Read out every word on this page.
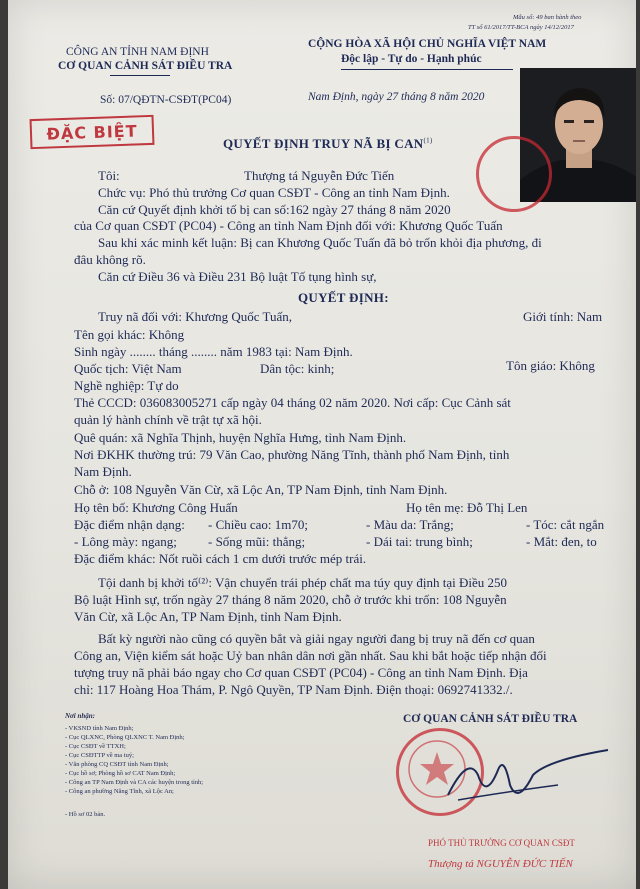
Mẫu số: 49 ban hành theo
TT số 61/2017/TT-BCA ngày 14/12/2017
CÔNG AN TỈNH NAM ĐỊNH
CƠ QUAN CẢNH SÁT ĐIỀU TRA
Số: 07/QĐTN-CSĐT(PC04)
CỘNG HÒA XÃ HỘI CHỦ NGHĨA VIỆT NAM
Độc lập - Tự do - Hạnh phúc
Nam Định, ngày 27 tháng 8 năm 2020
ĐẶC BIỆT
QUYẾT ĐỊNH TRUY NÃ BỊ CAN$^{(1)}$
Tôi:	Thượng tá Nguyễn Đức Tiến
Chức vụ: Phó thủ trưởng Cơ quan CSĐT - Công an tỉnh Nam Định.
Căn cứ Quyết định khởi tố bị can số:162 ngày 27 tháng 8 năm 2020
của Cơ quan CSĐT (PC04) - Công an tỉnh Nam Định đối với: Khương Quốc Tuấn
Sau khi xác minh kết luận: Bị can Khương Quốc Tuấn đã bỏ trốn khỏi địa phương, đi
đâu không rõ.
Căn cứ Điều 36 và Điều 231 Bộ luật Tố tụng hình sự,
QUYẾT ĐỊNH:
Truy nã đối với: Khương Quốc Tuấn,	Giới tính: Nam
Tên gọi khác: Không
Sinh ngày ........ tháng ........ năm 1983 tại: Nam Định.
Quốc tịch: Việt Nam	Dân tộc: kinh;	Tôn giáo: Không
Nghề nghiệp: Tự do
Thẻ CCCD: 036083005271 cấp ngày 04 tháng 02 năm 2020. Nơi cấp: Cục Cảnh sát
quản lý hành chính về trật tự xã hội.
Quê quán: xã Nghĩa Thịnh, huyện Nghĩa Hưng, tỉnh Nam Định.
Nơi ĐKHK thường trú: 79 Văn Cao, phường Năng Tĩnh, thành phố Nam Định, tỉnh
Nam Định.
Chỗ ở: 108 Nguyễn Văn Cừ, xã Lộc An, TP Nam Định, tỉnh Nam Định.
Họ tên bố: Khương Công Huấn	Họ tên mẹ: Đỗ Thị Len
Đặc điểm nhận dạng: - Chiều cao: 1m70;	- Màu da: Trắng;	- Tóc: cắt ngắn
- Lông mày: ngang; - Sống mũi: thẳng;	- Dái tai: trung bình;	- Mắt: đen, to
Đặc điểm khác: Nốt ruồi cách 1 cm dưới trước mép trái.
Tội danh bị khởi tố⁽²⁾: Vận chuyển trái phép chất ma túy quy định tại Điều 250
Bộ luật Hình sự, trốn ngày 27 tháng 8 năm 2020, chỗ ở trước khi trốn: 108 Nguyễn
Văn Cừ, xã Lộc An, TP Nam Định, tỉnh Nam Định.
Bất kỳ người nào cũng có quyền bắt và giải ngay người đang bị truy nã đến cơ quan
Công an, Viện kiểm sát hoặc Uỷ ban nhân dân nơi gần nhất. Sau khi bắt hoặc tiếp nhận đối
tượng truy nã phải báo ngay cho Cơ quan CSĐT (PC04) - Công an tỉnh Nam Định. Địa
chỉ: 117 Hoàng Hoa Thám, P. Ngô Quyền, TP Nam Định. Điện thoại: 0692741332./.
Nơi nhận:
- VKSND tỉnh Nam Định;
- Cục QLXNC, Phòng QLXNC T. Nam Định;
- Cục CSĐT về TTXH;
- Cục CSĐTTP về ma tuý;
- Văn phòng CQ CSĐT tỉnh Nam Định;
- Cục hồ sơ; Phòng hồ sơ CAT Nam Định;
- Công an TP Nam Định và CA các huyện trong tỉnh;
- Công an phường Năng Tĩnh, xã Lộc An;
- Hồ sơ 02 bản.
CƠ QUAN CẢNH SÁT ĐIỀU TRA
PHÓ THỦ TRƯỞNG CƠ QUAN CSĐT
Thượng tá NGUYỄN ĐỨC TIẾN
